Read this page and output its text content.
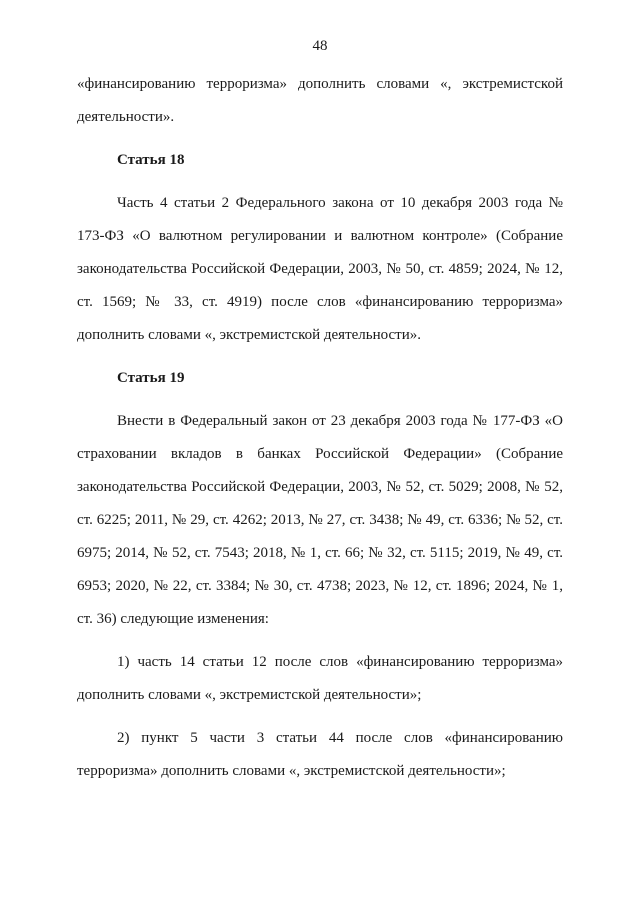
48

«финансированию терроризма» дополнить словами «, экстремистской деятельности».

Статья 18

Часть 4 статьи 2 Федерального закона от 10 декабря 2003 года № 173-ФЗ «О валютном регулировании и валютном контроле» (Собрание законодательства Российской Федерации, 2003, № 50, ст. 4859; 2024, № 12, ст. 1569; № 33, ст. 4919) после слов «финансированию терроризма» дополнить словами «, экстремистской деятельности».

Статья 19

Внести в Федеральный закон от 23 декабря 2003 года № 177-ФЗ «О страховании вкладов в банках Российской Федерации» (Собрание законодательства Российской Федерации, 2003, № 52, ст. 5029; 2008, № 52, ст. 6225; 2011, № 29, ст. 4262; 2013, № 27, ст. 3438; № 49, ст. 6336; № 52, ст. 6975; 2014, № 52, ст. 7543; 2018, № 1, ст. 66; № 32, ст. 5115; 2019, № 49, ст. 6953; 2020, № 22, ст. 3384; № 30, ст. 4738; 2023, № 12, ст. 1896; 2024, № 1, ст. 36) следующие изменения:

1) часть 14 статьи 12 после слов «финансированию терроризма» дополнить словами «, экстремистской деятельности»;

2) пункт 5 части 3 статьи 44 после слов «финансированию терроризма» дополнить словами «, экстремистской деятельности»;
